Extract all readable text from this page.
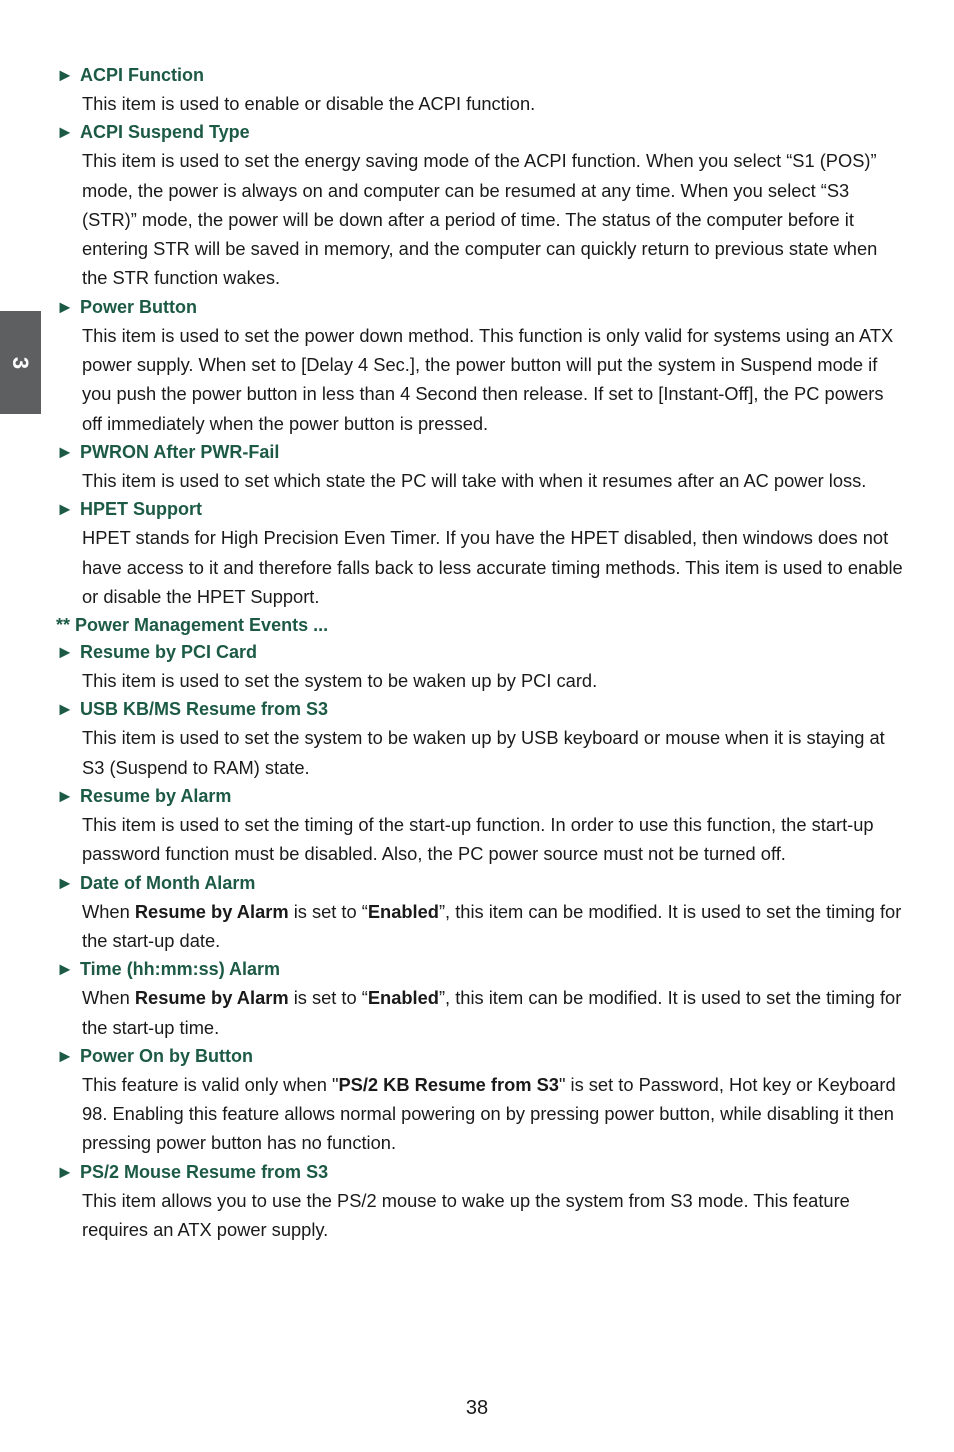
3
► ACPI Function
This item is used to enable or disable the ACPI function.
► ACPI Suspend Type
This item is used to set the energy saving mode of the ACPI function. When you select “S1 (POS)” mode, the power is always on and computer can be resumed at any time. When you select “S3 (STR)” mode, the power will be down after a period of time. The status of the computer before it entering STR will be saved in memory, and the computer can quickly return to previous state when the STR function wakes.
► Power Button
This item is used to set the power down method. This function is only valid for systems using an ATX power supply. When set to [Delay 4 Sec.], the power button will put the system in Suspend mode if you push the power button in less than 4 Second then release. If set to [Instant-Off], the PC powers off immediately when the power button is pressed.
► PWRON After PWR-Fail
This item is used to set which state the PC will take with when it resumes after an AC power loss.
► HPET Support
HPET stands for High Precision Even Timer. If you have the HPET disabled, then windows does not have access to it and therefore falls back to less accurate timing methods. This item is used to enable or disable the HPET Support.
** Power Management Events ...
► Resume by PCI Card
This item is used to set the system to be waken up by PCI card.
► USB KB/MS Resume from S3
This item is used to set the system to be waken up by USB keyboard or mouse when it is staying at S3 (Suspend to RAM) state.
► Resume by Alarm
This item is used to set the timing of the start-up function. In order to use this function, the start-up password function must be disabled. Also, the PC power source must not be turned off.
► Date of Month Alarm
When Resume by Alarm is set to “Enabled”, this item can be modified. It is used to set the timing for the start-up date.
► Time (hh:mm:ss) Alarm
When Resume by Alarm is set to “Enabled”, this item can be modified. It is used to set the timing for the start-up time.
► Power On by Button
This feature is valid only when "PS/2 KB Resume from S3" is set to Password, Hot key or Keyboard 98. Enabling this feature allows normal powering on by pressing power button, while disabling it then pressing power button has no function.
► PS/2 Mouse Resume from S3
This item allows you to use the PS/2 mouse to wake up the system from S3 mode. This feature requires an ATX power supply.
38
